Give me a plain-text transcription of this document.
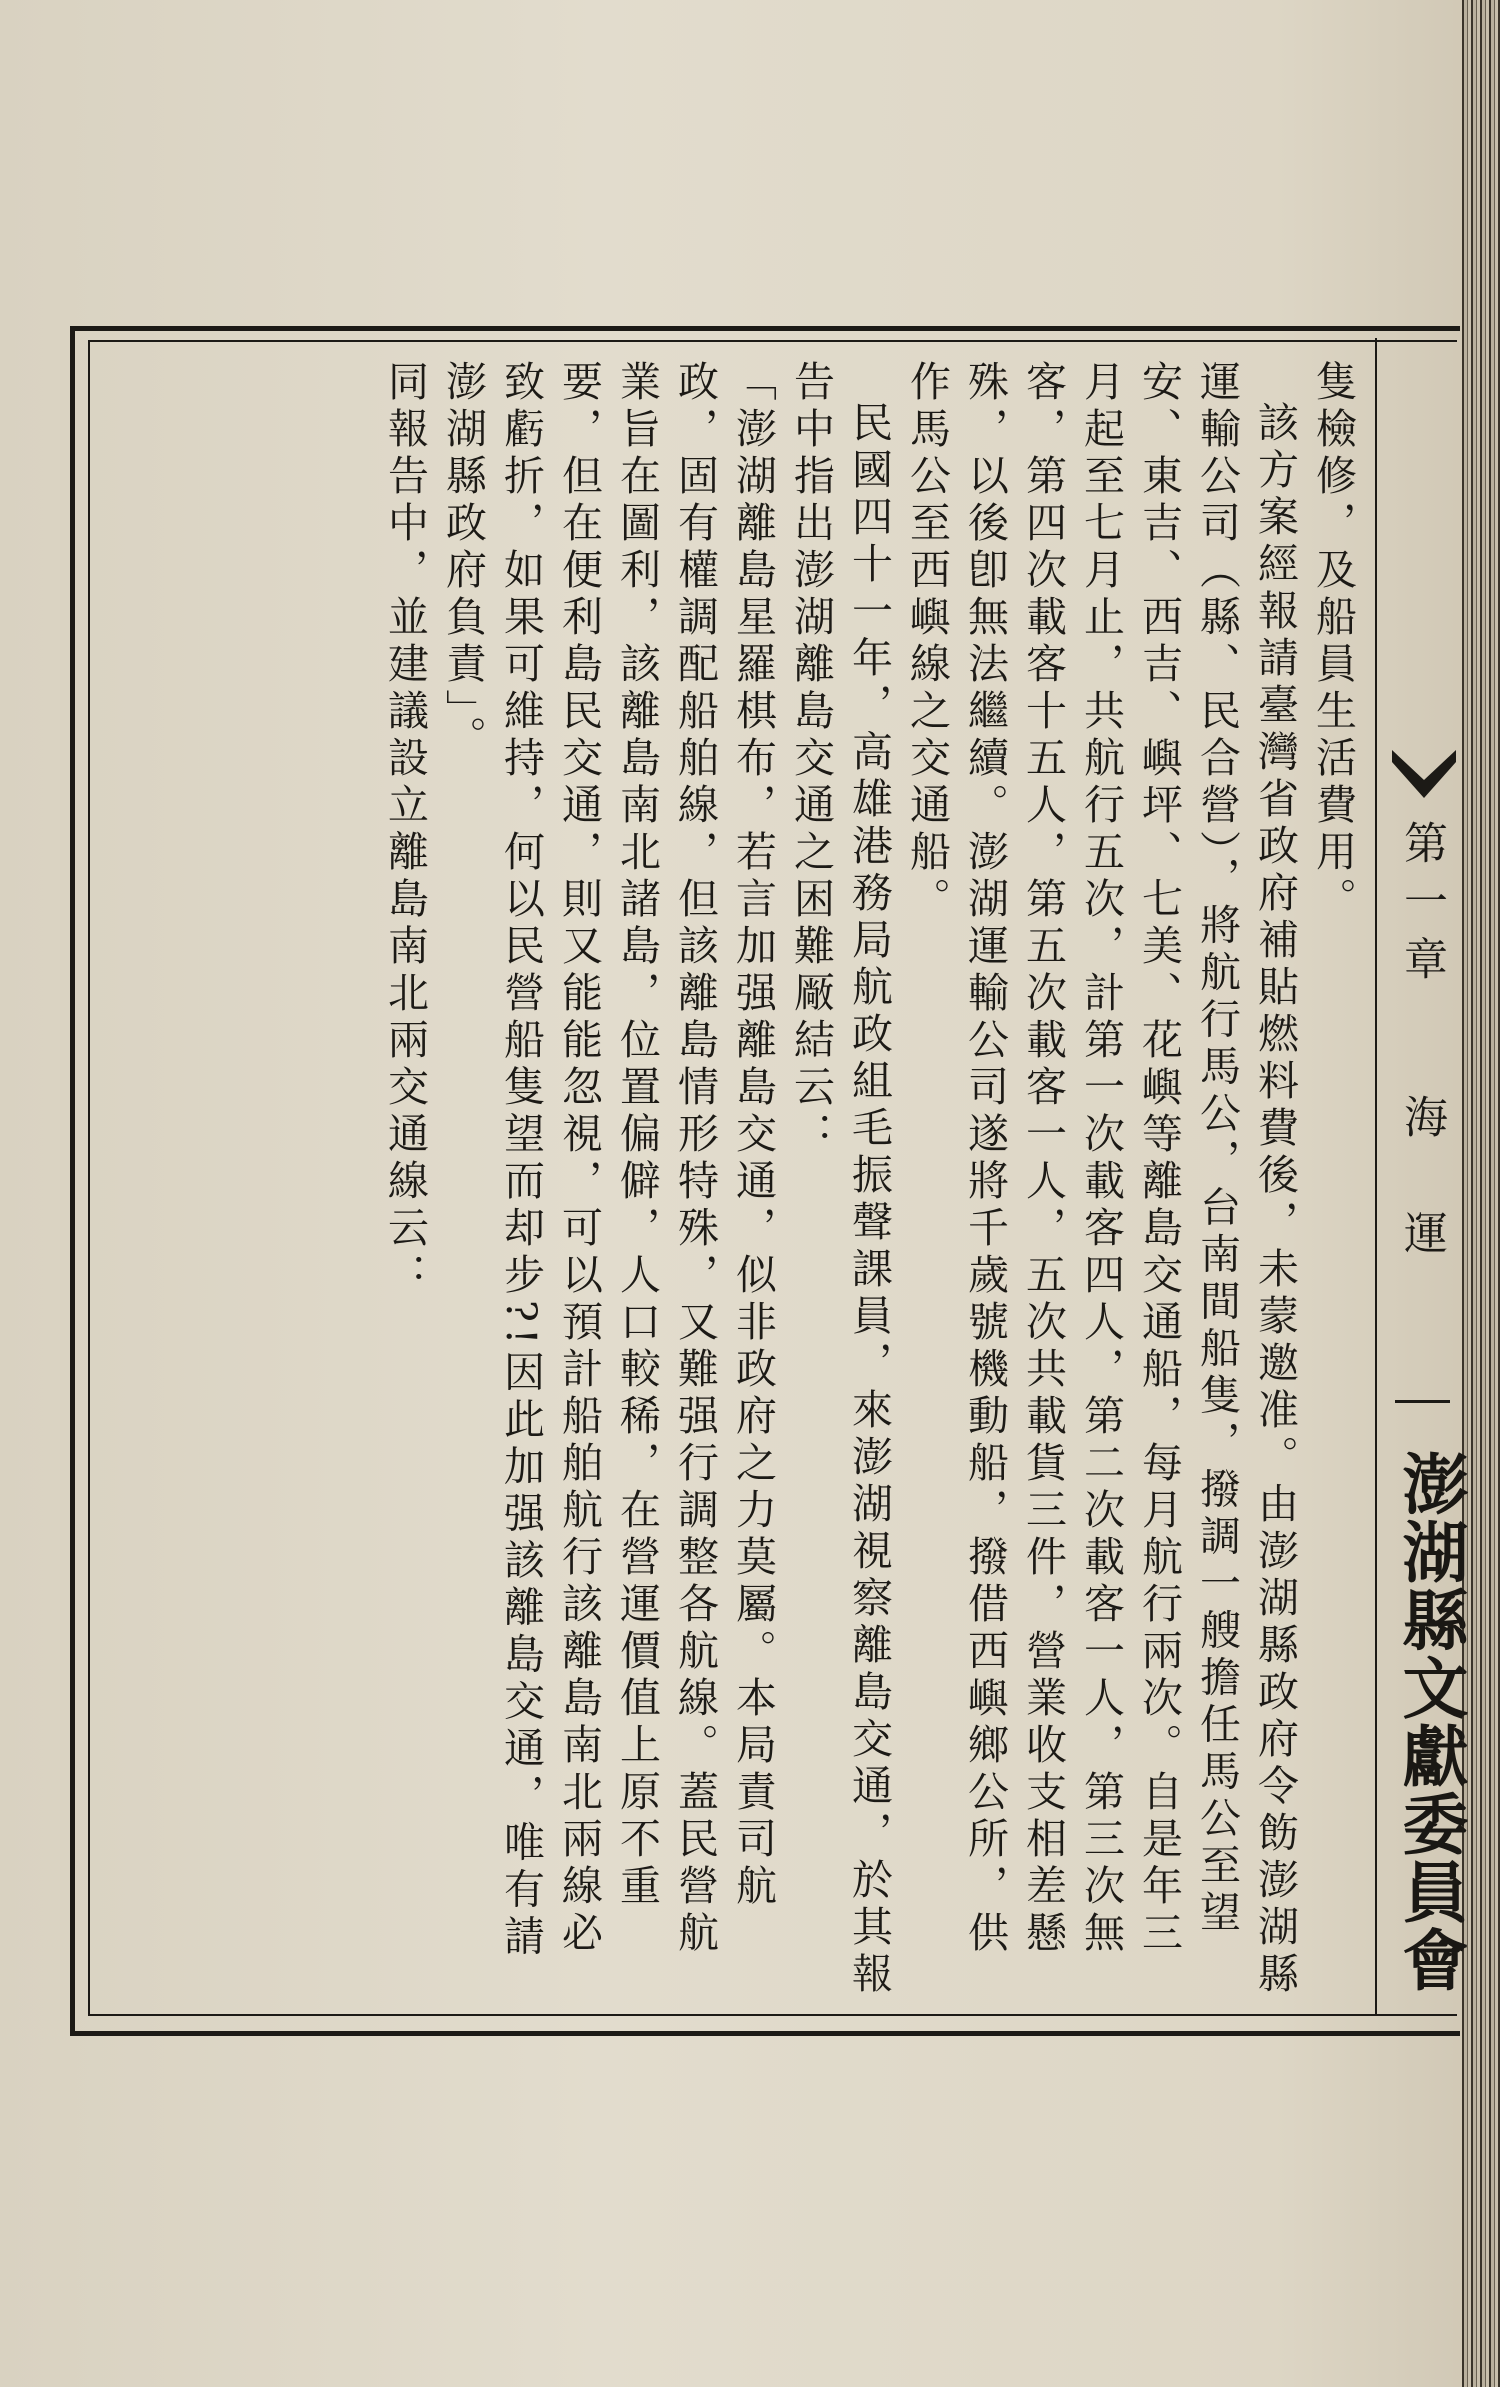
隻檢修，及船員生活費用。

該方案經報請臺灣省政府補貼燃料費後，未蒙邀准。由澎湖縣政府令飭澎湖縣運輸公司（縣、民合營），將航行馬公，台南間船隻，撥調一艘擔任馬公至望安、東吉、西吉、嶼坪、七美、花嶼等離島交通船，每月航行兩次。自是年三月起至七月止，共航行五次，計第一次載客四人，第二次載客一人，第三次無客，第四次載客十五人，第五次載客一人，五次共載貨三件，營業收支相差懸殊，以後卽無法繼續。澎湖運輸公司遂將千歲號機動船，撥借西嶼鄉公所，供作馬公至西嶼線之交通船。

民國四十一年，高雄港務局航政組毛振聲課員，來澎湖視察離島交通，於其報告中指出澎湖離島交通之困難厰結云：

「澎湖離島星羅棋布，若言加强離島交通，似非政府之力莫屬。本局責司航政，固有權調配船舶線，但該離島情形特殊，又難强行調整各航線。蓋民營航業旨在圖利，該離島南北諸島，位置偏僻，人口較稀，在營運價值上原不重要，但在便利島民交通，則又能能忽視，可以預計船舶航行該離島南北兩線必致虧折，如果可維持，何以民營船隻望而却步?!因此加强該離島交通，唯有請澎湖縣政府負責」。

同報告中，並建議設立離島南北兩交通線云：	第一章  海　運
澎湖縣文獻委員會
